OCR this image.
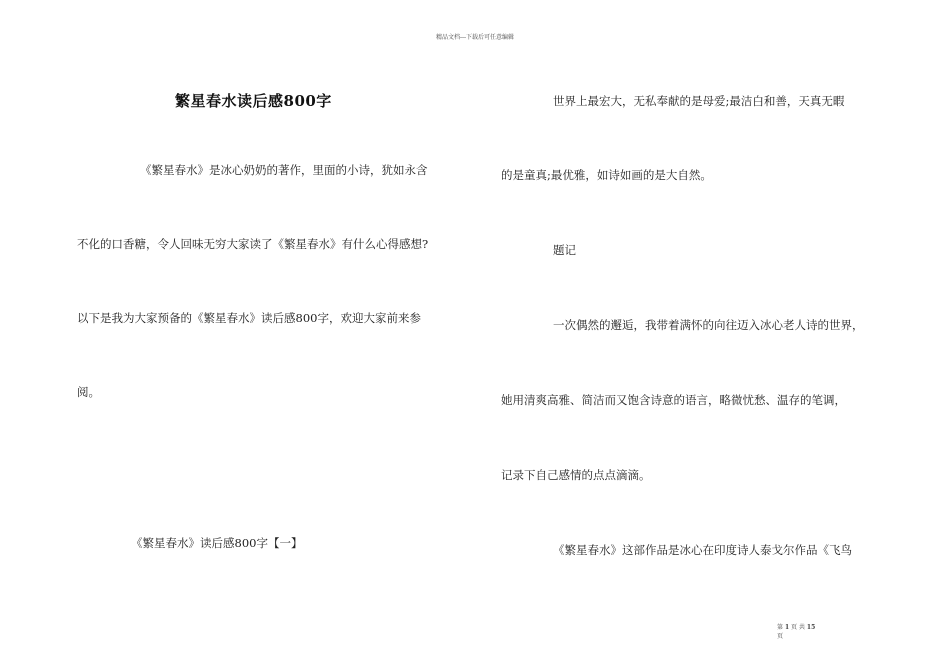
精品文档---下载后可任意编辑
繁星春水读后感800字
《繁星春水》是冰心奶奶的著作，里面的小诗，犹如永含
不化的口香糖，令人回味无穷大家读了《繁星春水》有什么心得感想?
以下是我为大家预备的《繁星春水》读后感800字，欢迎大家前来参
阅。
《繁星春水》读后感800字【一】
世界上最宏大，无私奉献的是母爱;最洁白和善，天真无暇
的是童真;最优雅，如诗如画的是大自然。
题记
一次偶然的邂逅，我带着满怀的向往迈入冰心老人诗的世界，
她用清爽高雅、简洁而又饱含诗意的语言，略微忧愁、温存的笔调，
记录下自己感情的点点滴滴。
《繁星春水》这部作品是冰心在印度诗人泰戈尔作品《飞鸟
第 1 页 共 15
页
